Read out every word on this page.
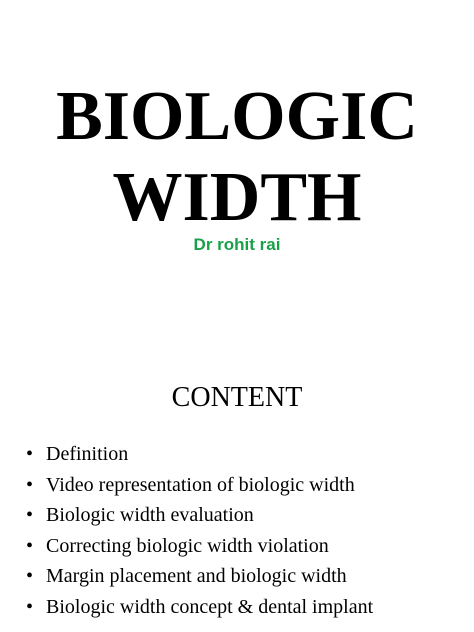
BIOLOGIC
WIDTH
Dr rohit rai
CONTENT
• Definition
• Video representation of biologic width
• Biologic width evaluation
• Correcting biologic width violation
• Margin placement and biologic width
• Biologic width concept & dental implant
